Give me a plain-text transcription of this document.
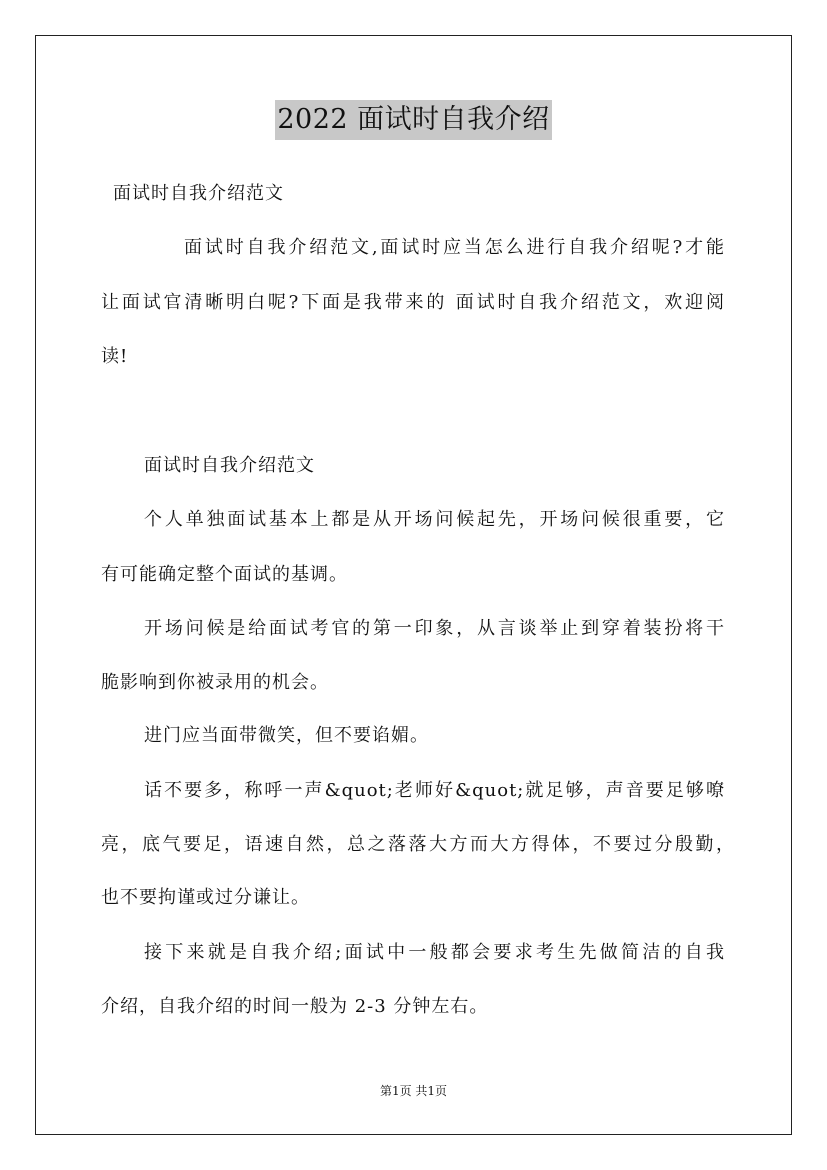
2022 面试时自我介绍
面试时自我介绍范文
面试时自我介绍范文,面试时应当怎么进行自我介绍呢?才能
让面试官清晰明白呢?下面是我带来的 面试时自我介绍范文，欢迎阅
读!
面试时自我介绍范文
个人单独面试基本上都是从开场问候起先，开场问候很重要，它
有可能确定整个面试的基调。
开场问候是给面试考官的第一印象，从言谈举止到穿着装扮将干
脆影响到你被录用的机会。
进门应当面带微笑，但不要谄媚。
话不要多，称呼一声&quot;老师好&quot;就足够，声音要足够嘹
亮，底气要足，语速自然，总之落落大方而大方得体，不要过分殷勤，
也不要拘谨或过分谦让。
接下来就是自我介绍;面试中一般都会要求考生先做简洁的自我
介绍，自我介绍的时间一般为 2-3 分钟左右。
第1页 共1页
